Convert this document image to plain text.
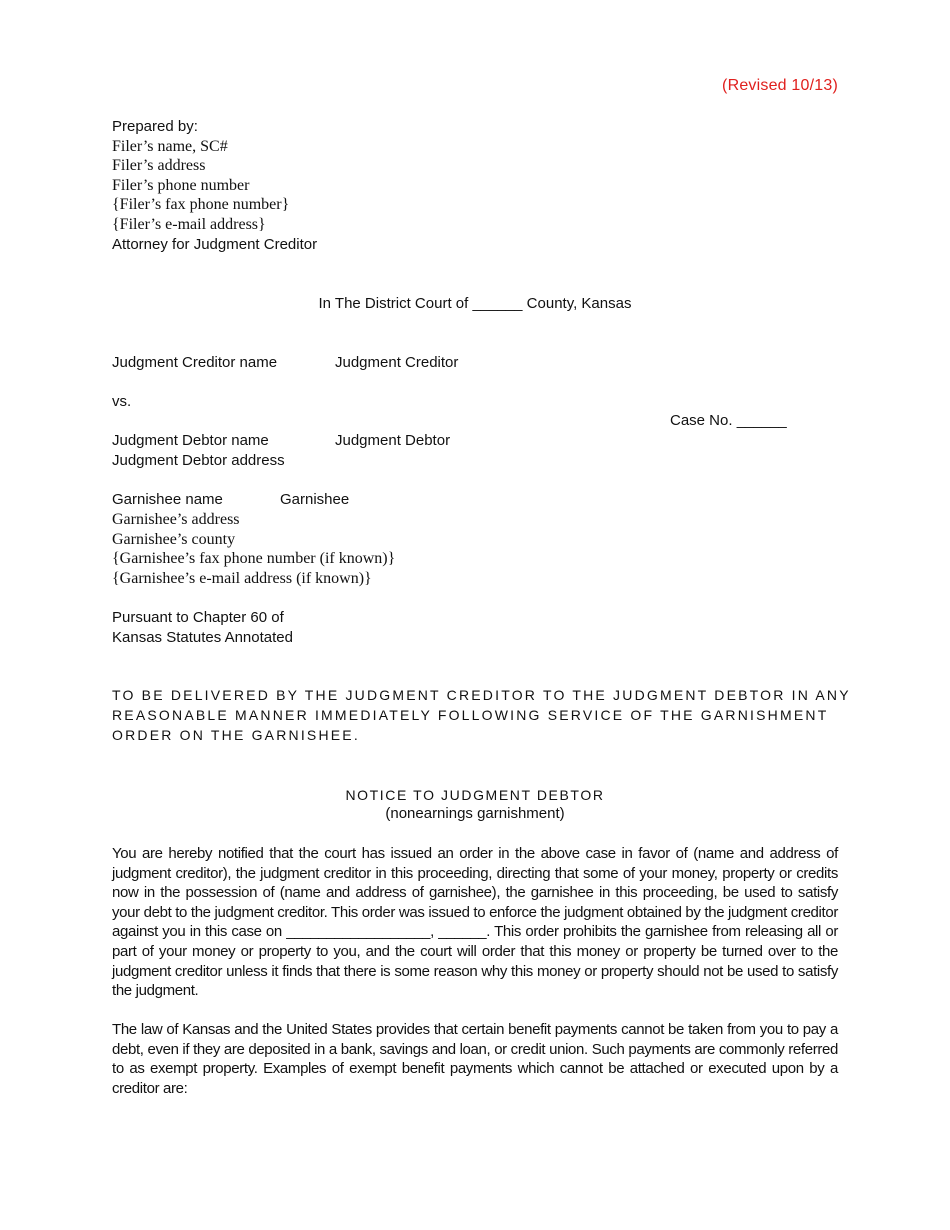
(Revised 10/13)
Prepared by:
Filer’s name, SC#
Filer’s address
Filer’s phone number
{Filer’s fax phone number}
{Filer’s e-mail address}
Attorney for Judgment Creditor
In The District Court of ______ County, Kansas
Judgment Creditor name	Judgment Creditor
vs.
Case No. ______
Judgment Debtor name	Judgment Debtor
Judgment Debtor address
Garnishee name	Garnishee
Garnishee’s address
Garnishee’s county
{Garnishee’s fax phone number (if known)}
{Garnishee’s e-mail address (if known)}
Pursuant to Chapter 60 of
Kansas Statutes Annotated
TO BE DELIVERED BY THE JUDGMENT CREDITOR TO THE JUDGMENT DEBTOR IN ANY
REASONABLE MANNER IMMEDIATELY FOLLOWING SERVICE OF THE GARNISHMENT
ORDER ON THE GARNISHEE.
NOTICE TO JUDGMENT DEBTOR
(nonearnings garnishment)
You are hereby notified that the court has issued an order in the above case in favor of (name and address of judgment creditor), the judgment creditor in this proceeding, directing that some of your money, property or credits now in the possession of (name and address of garnishee), the garnishee in this proceeding, be used to satisfy your debt to the judgment creditor. This order was issued to enforce the judgment obtained by the judgment creditor against you in this case on __________________, ______. This order prohibits the garnishee from releasing all or part of your money or property to you, and the court will order that this money or property be turned over to the judgment creditor unless it finds that there is some reason why this money or property should not be used to satisfy the judgment.
The law of Kansas and the United States provides that certain benefit payments cannot be taken from you to pay a debt, even if they are deposited in a bank, savings and loan, or credit union. Such payments are commonly referred to as exempt property. Examples of exempt benefit payments which cannot be attached or executed upon by a creditor are:
